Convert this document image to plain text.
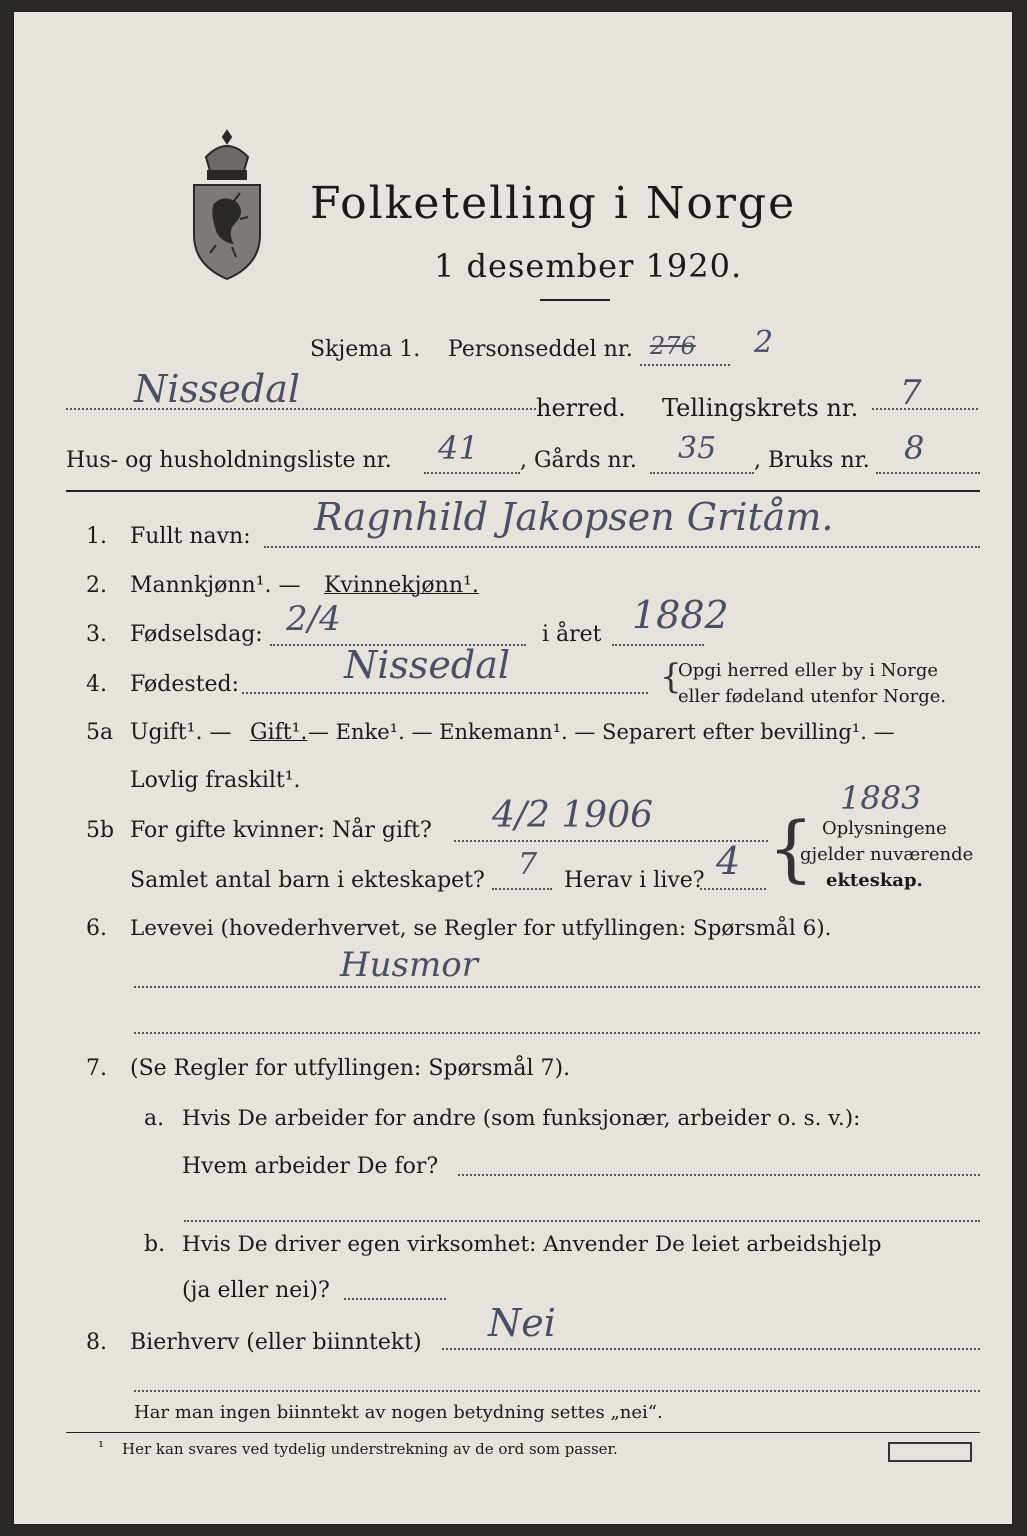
Folketelling i Norge
1 desember 1920.
Skjema 1. Personseddel nr. 276 2
Nissedal	herred. Tellingskrets nr. 7
Hus- og husholdningsliste nr. 41 , Gårds nr. 35 , Bruks nr. 8
1. Fullt navn: Ragnhild Jakopsen Gritåm.
2. Mannkjønn¹. — Kvinnekjønn¹.
3. Fødselsdag: 2/4	i året 1882
4. Fødested:	Nissedal	{
Opgi herred eller by i Norge
eller fødeland utenfor Norge.
5a Ugift¹. — Gift¹. — Enke¹. — Enkemann¹. — Separert efter bevilling¹. —
Lovlig fraskilt¹.	1883
5b For gifte kvinner: Når gift? 4/2 1906
Samlet antal barn i ekteskapet? 7 Herav i live? 4 { Oplysningene
gjelder nuværende
ekteskap.
6. Levevei (hovederhvervet, se Regler for utfyllingen: Spørsmål 6).
Husmor
7. (Se Regler for utfyllingen: Spørsmål 7).
a. Hvis De arbeider for andre (som funksjonær, arbeider o. s. v.):
Hvem arbeider De for?
b. Hvis De driver egen virksomhet: Anvender De leiet arbeidshjelp
(ja eller nei)?
8. Bierhverv (eller biinntekt) Nei
Har man ingen biinntekt av nogen betydning settes „nei“.
¹ Her kan svares ved tydelig understrekning av de ord som passer.
